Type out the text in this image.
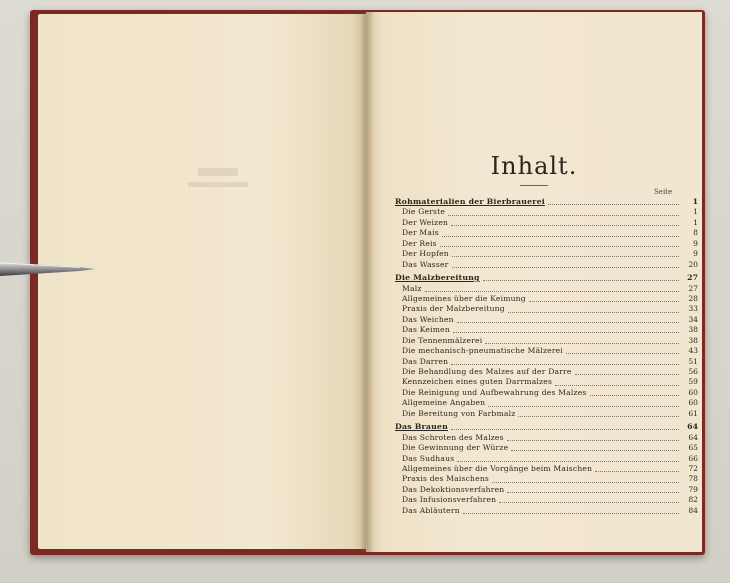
Inhalt.
Seite
Rohmaterialien der Bierbrauerei	1
Die Gerste	1
Der Weizen	1
Der Mais	8
Der Reis	9
Der Hopfen	9
Das Wasser	20
Die Malzbereitung	27
Malz	27
Allgemeines über die Keimung	28
Praxis der Malzbereitung	33
Das Weichen	34
Das Keimen	38
Die Tennenmälzerei	38
Die mechanisch-pneumatische Mälzerei	43
Das Darren	51
Die Behandlung des Malzes auf der Darre	56
Kennzeichen eines guten Darrmalzes	59
Die Reinigung und Aufbewahrung des Malzes	60
Allgemeine Angaben	60
Die Bereitung von Farbmalz	61
Das Brauen	64
Das Schroten des Malzes	64
Die Gewinnung der Würze	65
Das Sudhaus	66
Allgemeines über die Vorgänge beim Maischen	72
Praxis des Maischens	78
Das Dekoktionsverfahren	79
Das Infusionsverfahren	82
Das Abläutern	84
